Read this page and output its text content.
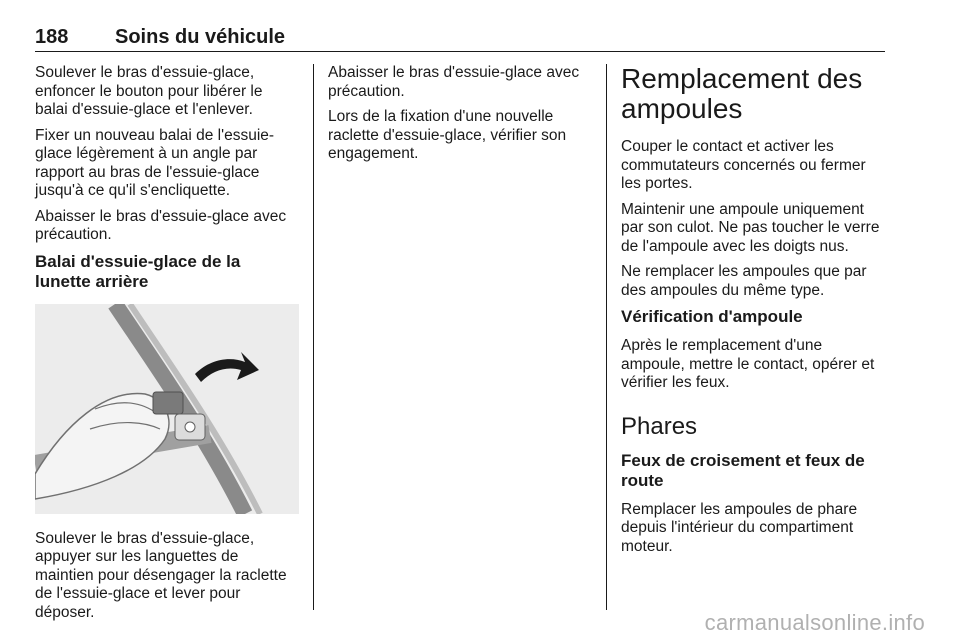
188 Soins du véhicule

Soulever le bras d'essuie-glace, enfoncer le bouton pour libérer le balai d'essuie-glace et l'enlever.

Fixer un nouveau balai de l'essuie-glace légèrement à un angle par rapport au bras de l'essuie-glace jusqu'à ce qu'il s'encliquette.

Abaisser le bras d'essuie-glace avec précaution.

Balai d'essuie-glace de la lunette arrière

Soulever le bras d'essuie-glace, appuyer sur les languettes de maintien pour désengager la raclette de l'essuie-glace et lever pour déposer.

Abaisser le bras d'essuie-glace avec précaution.

Lors de la fixation d'une nouvelle raclette d'essuie-glace, vérifier son engagement.

Remplacement des ampoules

Couper le contact et activer les commutateurs concernés ou fermer les portes.

Maintenir une ampoule uniquement par son culot. Ne pas toucher le verre de l'ampoule avec les doigts nus.

Ne remplacer les ampoules que par des ampoules du même type.

Vérification d'ampoule

Après le remplacement d'une ampoule, mettre le contact, opérer et vérifier les feux.

Phares
Feux de croisement et feux de route

Remplacer les ampoules de phare depuis l'intérieur du compartiment moteur.

carmanualsonline.info
